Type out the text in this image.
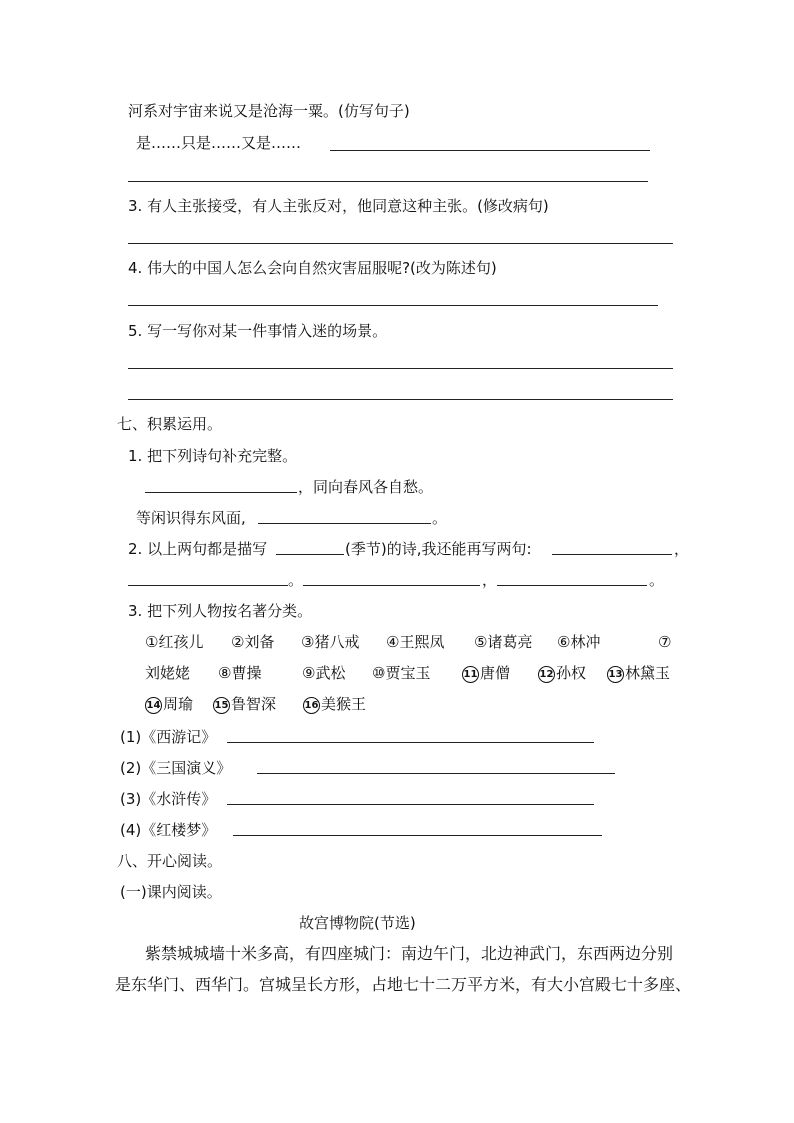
河系对宇宙来说又是沧海一粟。(仿写句子)
是……只是……又是……
3. 有人主张接受，有人主张反对，他同意这种主张。(修改病句)
4. 伟大的中国人怎么会向自然灾害屈服呢?(改为陈述句)
5. 写一写你对某一件事情入迷的场景。
七、积累运用。
1. 把下列诗句补充完整。
，同向春风各自愁。
等闲识得东风面,	。
2. 以上两句都是描写	(季节)的诗,我还能再写两句:	，
。	，	。
3. 把下列人物按名著分类。
①红孩儿 ②刘备 ③猪八戒 ④王熙凤 ⑤诸葛亮 ⑥林冲	⑦
刘姥姥 ⑧曹操	⑨武松 ⑩贾宝玉	11 唐僧	12 孙权 13 林黛玉
14 周瑜 15 鲁智深	16 美猴王
(1)《西游记》
(2)《三国演义》
(3)《水浒传》
(4)《红楼梦》
八、开心阅读。
(一)课内阅读。
故宫博物院(节选)
紫禁城城墙十米多高，有四座城门：南边午门，北边神武门，东西两边分别
是东华门、西华门。宫城呈长方形，占地七十二万平方米，有大小宫殿七十多座、
